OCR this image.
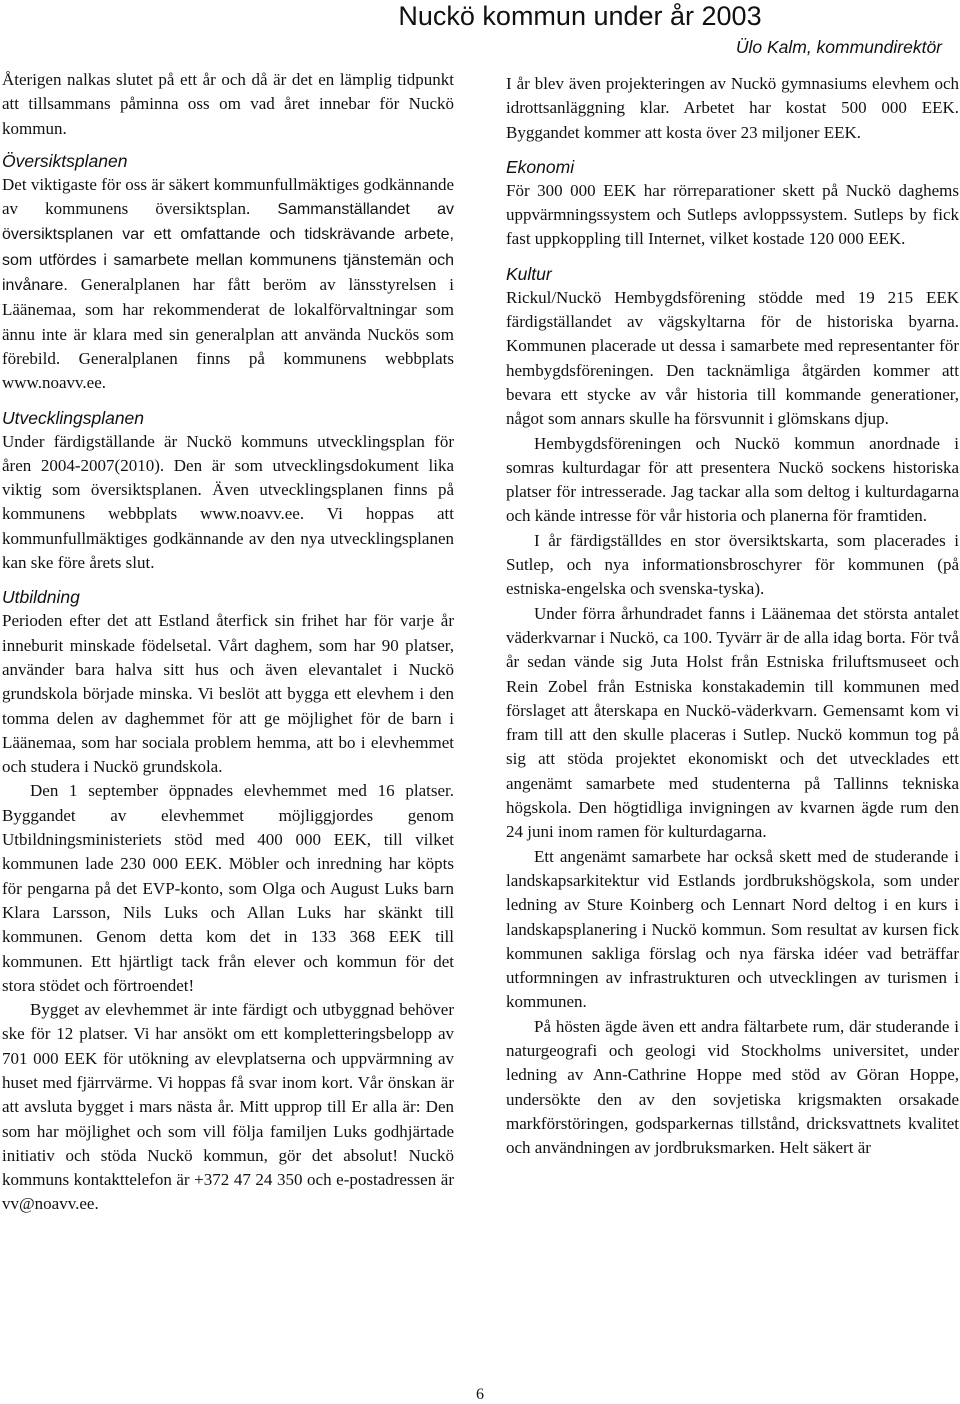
Nuckö kommun under år 2003
Ülo Kalm, kommundirektör

Återigen nalkas slutet på ett år och då är det en lämplig tidpunkt att tillsammans påminna oss om vad året innebar för Nuckö kommun.

Översiktsplanen

Det viktigaste för oss är säkert kommunfullmäktiges godkännande av kommunens översiktsplan. Sammanställandet av översiktsplanen var ett omfattande och tidskrävande arbete, som utfördes i samarbete mellan kommunens tjänstemän och invånare. Generalplanen har fått beröm av länsstyrelsen i Läänemaa, som har rekommenderat de lokalförvaltningar som ännu inte är klara med sin generalplan att använda Nuckös som förebild. Generalplanen finns på kommunens webbplats www.noavv.ee.

Utvecklingsplanen

Under färdigställande är Nuckö kommuns utvecklingsplan för åren 2004-2007(2010). Den är som utvecklingsdokument lika viktig som översiktsplanen. Även utvecklingsplanen finns på kommunens webbplats www.noavv.ee. Vi hoppas att kommunfullmäktiges godkännande av den nya utvecklingsplanen kan ske före årets slut.

Utbildning

Perioden efter det att Estland återfick sin frihet har för varje år inneburit minskade födelsetal. Vårt daghem, som har 90 platser, använder bara halva sitt hus och även elevantalet i Nuckö grundskola började minska. Vi beslöt att bygga ett elevhem i den tomma delen av daghemmet för att ge möjlighet för de barn i Läänemaa, som har sociala problem hemma, att bo i elevhemmet och studera i Nuckö grundskola.

Den 1 september öppnades elevhemmet med 16 platser. Byggandet av elevhemmet möjliggjordes genom Utbildningsministeriets stöd med 400 000 EEK, till vilket kommunen lade 230 000 EEK. Möbler och inredning har köpts för pengarna på det EVP-konto, som Olga och August Luks barn Klara Larsson, Nils Luks och Allan Luks har skänkt till kommunen. Genom detta kom det in 133 368 EEK till kommunen. Ett hjärtligt tack från elever och kommun för det stora stödet och förtroendet!

Bygget av elevhemmet är inte färdigt och utbyggnad behöver ske för 12 platser. Vi har ansökt om ett kompletteringsbelopp av 701 000 EEK för utökning av elevplatserna och uppvärmning av huset med fjärrvärme. Vi hoppas få svar inom kort. Vår önskan är att avsluta bygget i mars nästa år. Mitt upprop till Er alla är: Den som har möjlighet och som vill följa familjen Luks godhjärtade initiativ och stöda Nuckö kommun, gör det absolut! Nuckö kommuns kontakttelefon är +372 47 24 350 och e-postadressen är vv@noavv.ee.

I år blev även projekteringen av Nuckö gymnasiums elevhem och idrottsanläggning klar. Arbetet har kostat 500 000 EEK. Byggandet kommer att kosta över 23 miljoner EEK.

Ekonomi

För 300 000 EEK har rörreparationer skett på Nuckö daghems uppvärmningssystem och Sutleps avloppssystem. Sutleps by fick fast uppkoppling till Internet, vilket kostade 120 000 EEK.

Kultur

Rickul/Nuckö Hembygdsförening stödde med 19 215 EEK färdigställandet av vägskyltarna för de historiska byarna. Kommunen placerade ut dessa i samarbete med representanter för hembygdsföreningen. Den tacknämliga åtgärden kommer att bevara ett stycke av vår historia till kommande generationer, något som annars skulle ha försvunnit i glömskans djup.

Hembygdsföreningen och Nuckö kommun anordnade i somras kulturdagar för att presentera Nuckö sockens historiska platser för intresserade. Jag tackar alla som deltog i kulturdagarna och kände intresse för vår historia och planerna för framtiden.

I år färdigställdes en stor översiktskarta, som placerades i Sutlep, och nya informationsbroschyrer för kommunen (på estniska-engelska och svenska-tyska).

Under förra århundradet fanns i Läänemaa det största antalet väderkvarnar i Nuckö, ca 100. Tyvärr är de alla idag borta. För två år sedan vände sig Juta Holst från Estniska friluftsmuseet och Rein Zobel från Estniska konstakademin till kommunen med förslaget att återskapa en Nuckö-väderkvarn. Gemensamt kom vi fram till att den skulle placeras i Sutlep. Nuckö kommun tog på sig att stöda projektet ekonomiskt och det utvecklades ett angenämt samarbete med studenterna på Tallinns tekniska högskola. Den högtidliga invigningen av kvarnen ägde rum den 24 juni inom ramen för kulturdagarna.

Ett angenämt samarbete har också skett med de studerande i landskapsarkitektur vid Estlands jordbrukshögskola, som under ledning av Sture Koinberg och Lennart Nord deltog i en kurs i landskapsplanering i Nuckö kommun. Som resultat av kursen fick kommunen sakliga förslag och nya färska idéer vad beträffar utformningen av infrastrukturen och utvecklingen av turismen i kommunen.

På hösten ägde även ett andra fältarbete rum, där studerande i naturgeografi och geologi vid Stockholms universitet, under ledning av Ann-Cathrine Hoppe med stöd av Göran Hoppe, undersökte den av den sovjetiska krigsmakten orsakade markförstöringen, godsparkernas tillstånd, dricksvattnets kvalitet och användningen av jordbruksmarken. Helt säkert är

6
